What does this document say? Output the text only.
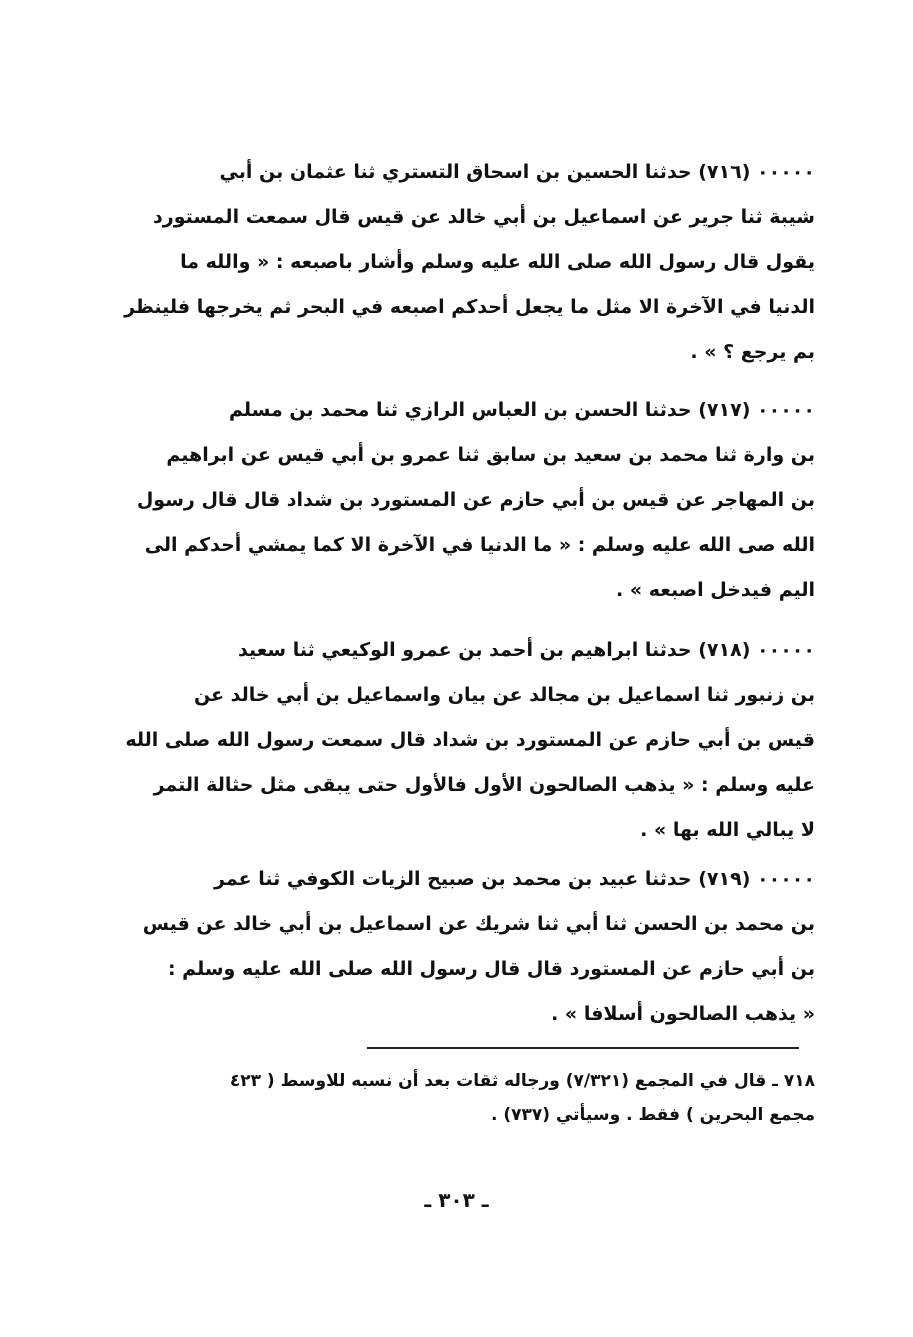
٠٠٠٠٠ (٧١٦) حدثنا الحسين بن اسحاق التستري ثنا عثمان بن أبي

شيبة ثنا جرير عن اسماعيل بن أبي خالد عن قيس قال سمعت المستورد

يقول قال رسول الله صلى الله عليه وسلم وأشار باصبعه : « والله ما

الدنيا في الآخرة الا مثل ما يجعل أحدكم اصبعه في البحر ثم يخرجها فلينظر

بم يرجع ؟ » .

٠٠٠٠٠ (٧١٧) حدثنا الحسن بن العباس الرازي ثنا محمد بن مسلم

بن وارة ثنا محمد بن سعيد بن سابق ثنا عمرو بن أبي قيس عن ابراهيم

بن المهاجر عن قيس بن أبي حازم عن المستورد بن شداد قال قال رسول

الله صى الله عليه وسلم : « ما الدنيا في الآخرة الا كما يمشي أحدكم الى

اليم فيدخل اصبعه » .

٠٠٠٠٠ (٧١٨) حدثنا ابراهيم بن أحمد بن عمرو الوكيعي ثنا سعيد

بن زنبور ثنا اسماعيل بن مجالد عن بيان واسماعيل بن أبي خالد عن

قيس بن أبي حازم عن المستورد بن شداد قال سمعت رسول الله صلى الله

عليه وسلم : « يذهب الصالحون الأول فالأول حتى يبقى مثل حثالة التمر

لا يبالي الله بها » .

٠٠٠٠٠ (٧١٩) حدثنا عبيد بن محمد بن صبيح الزيات الكوفي ثنا عمر

بن محمد بن الحسن ثنا أبي ثنا شريك عن اسماعيل بن أبي خالد عن قيس

بن أبي حازم عن المستورد قال قال رسول الله صلى الله عليه وسلم :

« يذهب الصالحون أسلافا » .

٧١٨ ـ قال في المجمع (٧/٣٢١) ورجاله ثقات بعد أن نسبه للاوسط ( ٤٢٣

مجمع البحرين ) فقط . وسيأتي (٧٣٧) .

ـ ٣٠٣ ـ
